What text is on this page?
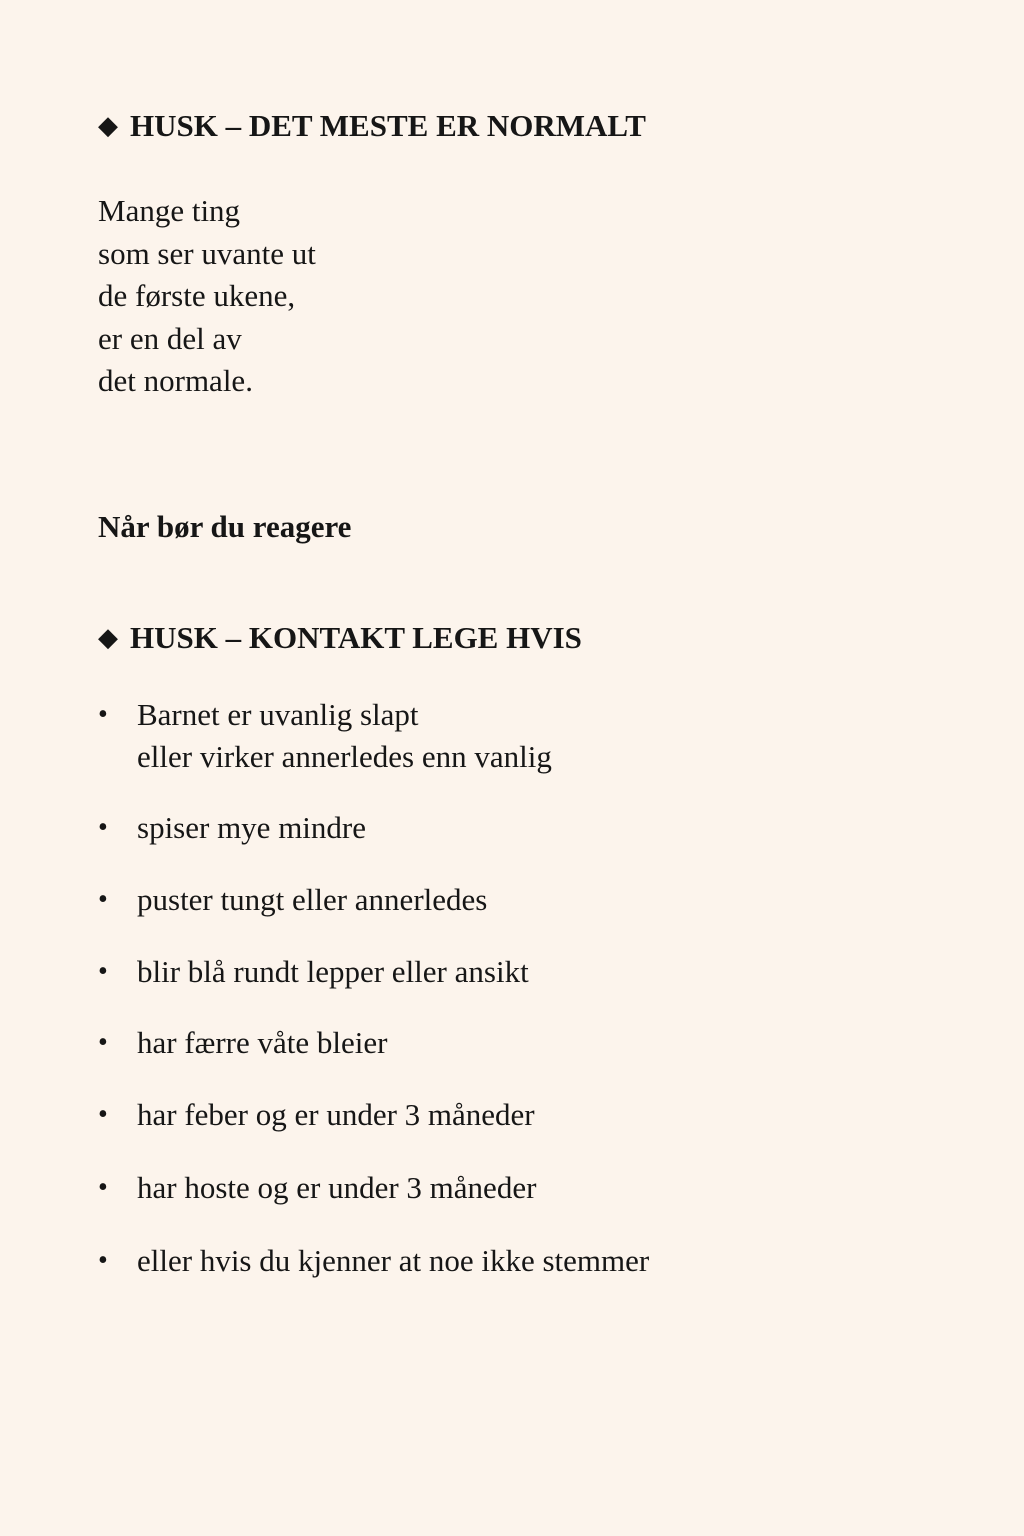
◆ HUSK – DET MESTE ER NORMALT
Mange ting
som ser uvante ut
de første ukene,
er en del av
det normale.
Når bør du reagere
◆ HUSK – KONTAKT LEGE HVIS
• Barnet er uvanlig slapt
eller virker annerledes enn vanlig
• spiser mye mindre
• puster tungt eller annerledes
• blir blå rundt lepper eller ansikt
• har færre våte bleier
• har feber og er under 3 måneder
• har hoste og er under 3 måneder
• eller hvis du kjenner at noe ikke stemmer
